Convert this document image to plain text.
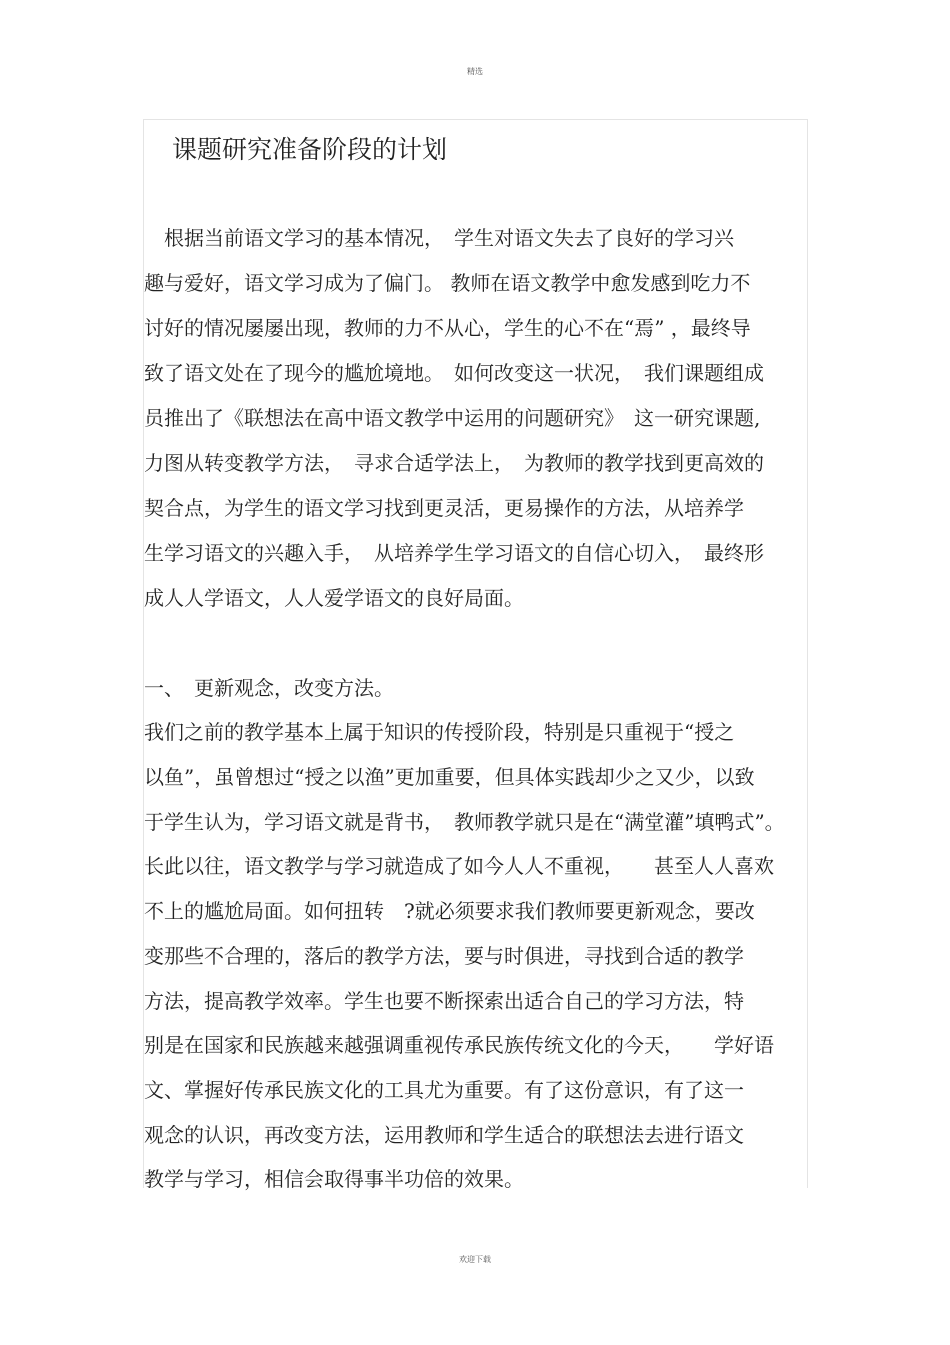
精选
课题研究准备阶段的计划
　根据当前语文学习的基本情况，　学生对语文失去了良好的学习兴
趣与爱好，语文学习成为了偏门。 教师在语文教学中愈发感到吃力不
讨好的情况屡屡出现，教师的力不从心，学生的心不在“焉” ，最终导
致了语文处在了现今的尴尬境地。　如何改变这一状况，　我们课题组成
员推出了《联想法在高中语文教学中运用的问题研究》　这一研究课题,
力图从转变教学方法，　寻求合适学法上，　为教师的教学找到更高效的
契合点，为学生的语文学习找到更灵活，更易操作的方法，从培养学
生学习语文的兴趣入手，　从培养学生学习语文的自信心切入，　最终形
成人人学语文，人人爱学语文的良好局面。
一、　更新观念，改变方法。
我们之前的教学基本上属于知识的传授阶段，特别是只重视于“授之
以鱼”，虽曾想过“授之以渔”更加重要，但具体实践却少之又少，以致
于学生认为，学习语文就是背书，　教师教学就只是在“满堂灌”填鸭式”。
长此以往，语文教学与学习就造成了如今人人不重视，　　甚至人人喜欢
不上的尴尬局面。如何扭转　?就必须要求我们教师要更新观念，要改
变那些不合理的，落后的教学方法，要与时俱进，寻找到合适的教学
方法，提高教学效率。学生也要不断探索出适合自己的学习方法，特
别是在国家和民族越来越强调重视传承民族传统文化的今天，　　学好语
文、掌握好传承民族文化的工具尤为重要。有了这份意识，有了这一
观念的认识，再改变方法，运用教师和学生适合的联想法去进行语文
教学与学习，相信会取得事半功倍的效果。
欢迎下载
